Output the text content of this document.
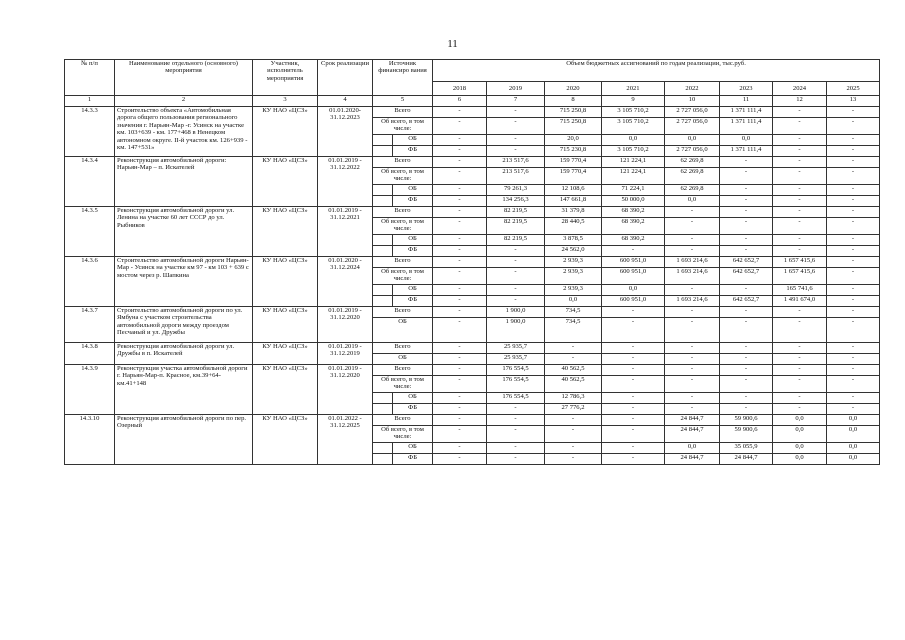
11
№ п/п	Наименование отдельного (основного) мероприятия	Участник, исполнитель мероприятия	Срок реализации	Источник финансиро вания		Объем бюджетных ассигнований по годам реализации, тыс.руб.							
						2018	2019	2020	2021	2022	2023	2024	2025
1	2	3	4	5		6	7	8	9	10	11	12	13
14.3.3	Строительство объекта «Автомобильная дорога общего пользования регионального значения г. Нарьян-Мар -г. Усинск на участке км. 103+639 - км. 177+468 в Ненецком автономном округе. II-й участок км. 126+939 - км. 147+531»	КУ НАО «ЦСЗ»	01.01.2020-31.12.2023	Всего		-	-	715 250,8	3 105 710,2	2 727 056,0	1 371 111,4	-	-
				Об всего, в том числе:		-	-	715 250,8	3 105 710,2	2 727 056,0	1 371 111,4	-	-
					ОБ	-	-	20,0	0,0	0,0	0,0	-	-
					ФБ	-	-	715 230,8	3 105 710,2	2 727 056,0	1 371 111,4	-	-
14.3.4	Реконструкция автомобильной дороги: Нарьян-Мар – п. Искателей	КУ НАО «ЦСЗ»	01.01.2019 - 31.12.2022	Всего		-	213 517,6	159 770,4	121 224,1	62 269,8	-	-	-
				Об всего, в том числе:		-	213 517,6	159 770,4	121 224,1	62 269,8	-	-	-
					ОБ	-	79 261,3	12 108,6	71 224,1	62 269,8	-	-	-
					ФБ	-	134 256,3	147 661,8	50 000,0	0,0	-	-	-
14.3.5	Реконструкция автомобильной дороги ул. Ленина на участке 60 лет СССР до ул. Рыбников	КУ НАО «ЦСЗ»	01.01.2019 - 31.12.2021	Всего		-	82 219,5	31 379,8	68 390,2	-	-	-	-
				Об всего, в том числе:		-	82 219,5	28 440,5	68 390,2	-	-	-	-
					ОБ	-	82 219,5	3 878,5	68 390,2	-	-	-	-
					ФБ	-	-	24 562,0	-	-	-	-	-
14.3.6	Строительство автомобильной дороги Нарьян-Мар - Усинск на участке км 97 - км 103 + 639 с мостом через р. Шапкина	КУ НАО «ЦСЗ»	01.01.2020 - 31.12.2024	Всего		-	-	2 939,3	600 951,0	1 693 214,6	642 652,7	1 657 415,6	-
				Об всего, в том числе:		-	-	2 939,3	600 951,0	1 693 214,6	642 652,7	1 657 415,6	-
					ОБ	-	-	2 939,3	0,0	-	-	165 741,6	-
					ФБ	-	-	0,0	600 951,0	1 693 214,6	642 652,7	1 491 674,0	-
14.3.7	Строительство автомобильной дороги по ул. Ямбуна с участком строительства автомобильной дороги между проездом Песчаный и ул. Дружбы	КУ НАО «ЦСЗ»	01.01.2019 - 31.12.2020	Всего		-	1 900,0	734,5	-	-	-	-	-
				ОБ		-	1 900,0	734,5	-	-	-	-	-
14.3.8	Реконструкция автомобильной дороги ул. Дружбы в п. Искателей	КУ НАО «ЦСЗ»	01.01.2019 - 31.12.2019	Всего		-	25 935,7	-	-	-	-	-	-
				ОБ		-	25 935,7	-	-	-	-	-	-
14.3.9	Реконструкция участка автомобильной дороги г. Нарьян-Мар-п. Красное, км.39+64-км.41+148	КУ НАО «ЦСЗ»	01.01.2019 - 31.12.2020	Всего		-	176 554,5	40 562,5	-	-	-	-	-
				Об всего, в том числе:		-	176 554,5	40 562,5	-	-	-	-	-
					ОБ	-	176 554,5	12 786,3	-	-	-	-	-
					ФБ	-	-	27 776,2	-	-	-	-	-
14.3.10	Реконструкция автомобильной дороги по пер. Озерный	КУ НАО «ЦСЗ»	01.01.2022 - 31.12.2025	Всего		-	-	-	-	24 844,7	59 900,6	0,0	0,0
				Об всего, в том числе:		-	-	-	-	24 844,7	59 900,6	0,0	0,0
					ОБ	-	-	-	-	0,0	35 055,9	0,0	0,0
					ФБ	-	-	-	-	24 844,7	24 844,7	0,0	0,0
